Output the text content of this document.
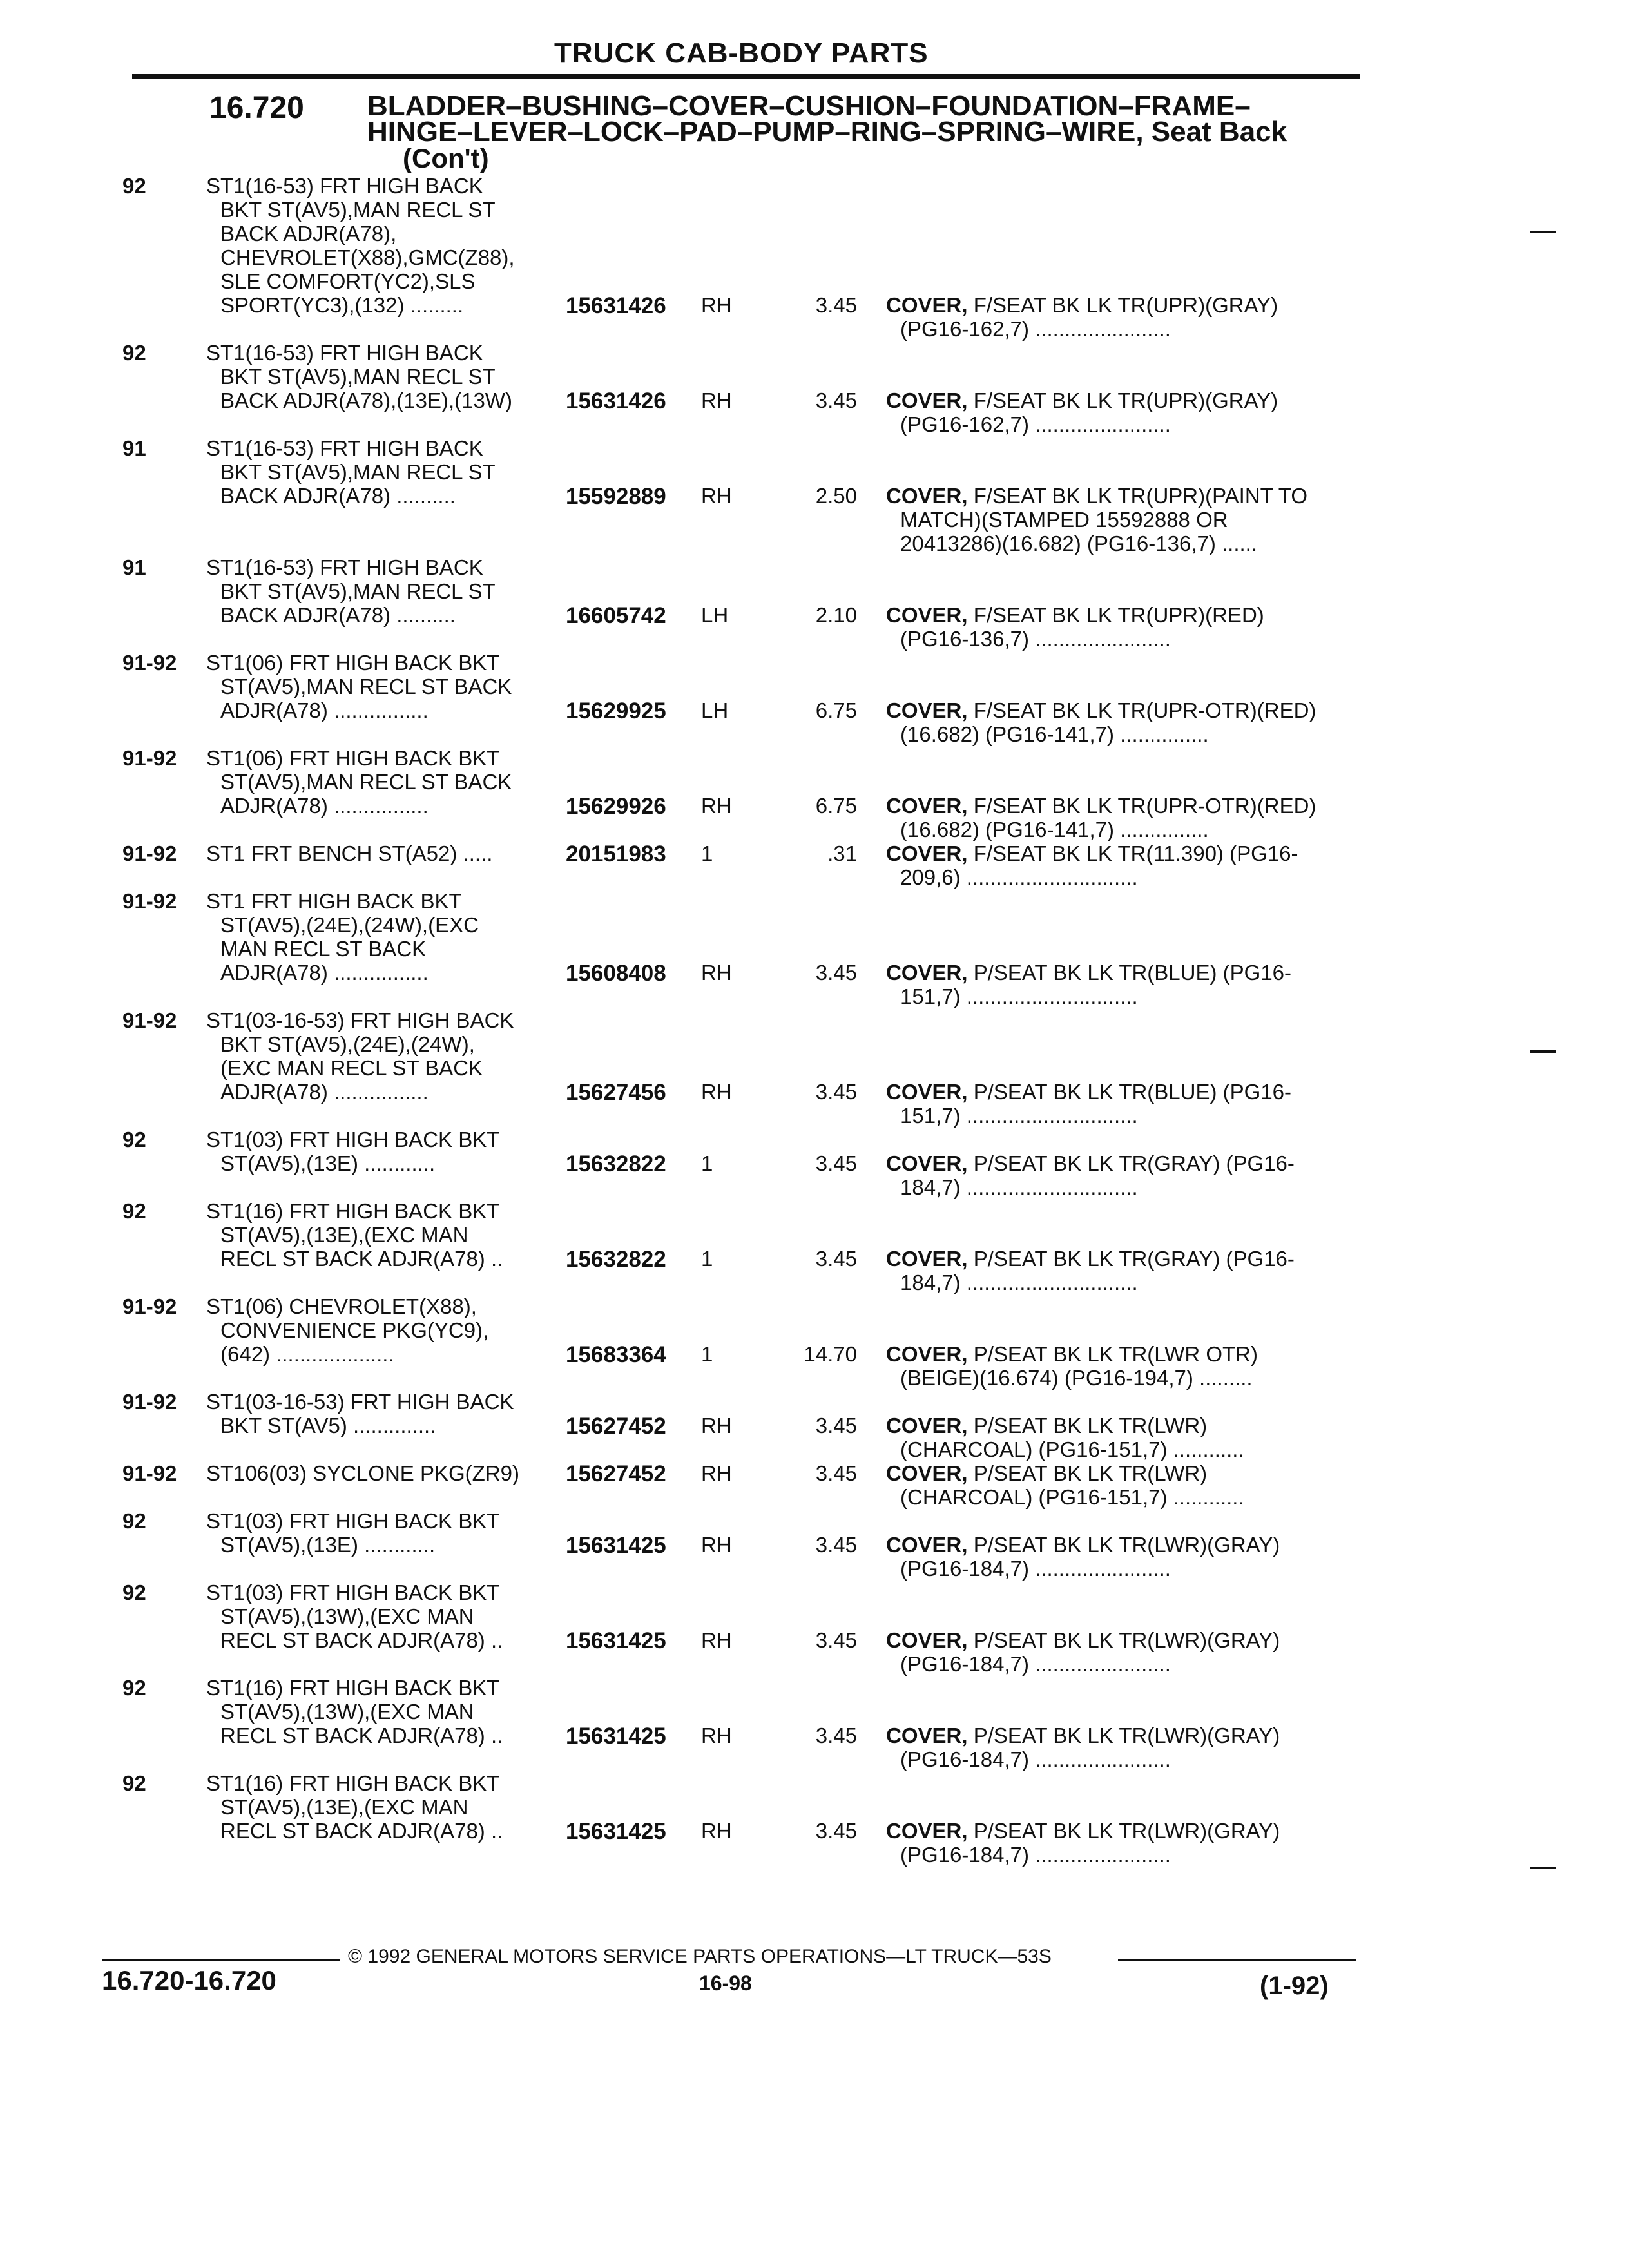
TRUCK CAB-BODY PARTS
16.720 BLADDER–BUSHING–COVER–CUSHION–FOUNDATION–FRAME–
HINGE–LEVER–LOCK–PAD–PUMP–RING–SPRING–WIRE, Seat Back
(Con't)
92	ST1(16-53) FRT HIGH BACK
BKT ST(AV5),MAN RECL ST
BACK ADJR(A78),
CHEVROLET(X88),GMC(Z88),
SLE COMFORT(YC2),SLS
SPORT(YC3),(132) .........	15631426 RH	3.45 COVER, F/SEAT BK LK TR(UPR)(GRAY)
(PG16-162,7) .......................
92	ST1(16-53) FRT HIGH BACK
BKT ST(AV5),MAN RECL ST
BACK ADJR(A78),(13E),(13W) 15631426 RH	3.45 COVER, F/SEAT BK LK TR(UPR)(GRAY)
(PG16-162,7) .......................
91	ST1(16-53) FRT HIGH BACK
BKT ST(AV5),MAN RECL ST
BACK ADJR(A78) ..........	15592889 RH	2.50 COVER, F/SEAT BK LK TR(UPR)(PAINT TO
MATCH)(STAMPED 15592888 OR
20413286)(16.682) (PG16-136,7) ......
91	ST1(16-53) FRT HIGH BACK
BKT ST(AV5),MAN RECL ST
BACK ADJR(A78) ..........	16605742 LH	2.10 COVER, F/SEAT BK LK TR(UPR)(RED)
(PG16-136,7) .......................
91-92 ST1(06) FRT HIGH BACK BKT
ST(AV5),MAN RECL ST BACK
ADJR(A78) ................	15629925 LH	6.75 COVER, F/SEAT BK LK TR(UPR-OTR)(RED)
(16.682) (PG16-141,7) ...............
91-92 ST1(06) FRT HIGH BACK BKT
ST(AV5),MAN RECL ST BACK
ADJR(A78) ................	15629926 RH	6.75 COVER, F/SEAT BK LK TR(UPR-OTR)(RED)
(16.682) (PG16-141,7) ...............
91-92 ST1 FRT BENCH ST(A52) .....	20151983 1	.31 COVER, F/SEAT BK LK TR(11.390) (PG16-
209,6) .............................
91-92 ST1 FRT HIGH BACK BKT
ST(AV5),(24E),(24W),(EXC
MAN RECL ST BACK
ADJR(A78) ................	15608408 RH	3.45 COVER, P/SEAT BK LK TR(BLUE) (PG16-
151,7) .............................
91-92 ST1(03-16-53) FRT HIGH BACK
BKT ST(AV5),(24E),(24W),
(EXC MAN RECL ST BACK
ADJR(A78) ................	15627456 RH	3.45 COVER, P/SEAT BK LK TR(BLUE) (PG16-
151,7) .............................
92	ST1(03) FRT HIGH BACK BKT
ST(AV5),(13E) ............	15632822 1	3.45 COVER, P/SEAT BK LK TR(GRAY) (PG16-
184,7) .............................
92	ST1(16) FRT HIGH BACK BKT
ST(AV5),(13E),(EXC MAN
RECL ST BACK ADJR(A78) ..	15632822 1	3.45 COVER, P/SEAT BK LK TR(GRAY) (PG16-
184,7) .............................
91-92 ST1(06) CHEVROLET(X88),
CONVENIENCE PKG(YC9),
(642) ....................	15683364 1	14.70 COVER, P/SEAT BK LK TR(LWR OTR)
(BEIGE)(16.674) (PG16-194,7) .........
91-92 ST1(03-16-53) FRT HIGH BACK
BKT ST(AV5) ..............	15627452 RH	3.45 COVER, P/SEAT BK LK TR(LWR)
(CHARCOAL) (PG16-151,7) ............
91-92 ST106(03) SYCLONE PKG(ZR9) 15627452 RH	3.45 COVER, P/SEAT BK LK TR(LWR)
(CHARCOAL) (PG16-151,7) ............
92	ST1(03) FRT HIGH BACK BKT
ST(AV5),(13E) ............	15631425 RH	3.45 COVER, P/SEAT BK LK TR(LWR)(GRAY)
(PG16-184,7) .......................
92	ST1(03) FRT HIGH BACK BKT
ST(AV5),(13W),(EXC MAN
RECL ST BACK ADJR(A78) ..	15631425 RH	3.45 COVER, P/SEAT BK LK TR(LWR)(GRAY)
(PG16-184,7) .......................
92	ST1(16) FRT HIGH BACK BKT
ST(AV5),(13W),(EXC MAN
RECL ST BACK ADJR(A78) ..	15631425 RH	3.45 COVER, P/SEAT BK LK TR(LWR)(GRAY)
(PG16-184,7) .......................
92	ST1(16) FRT HIGH BACK BKT
ST(AV5),(13E),(EXC MAN
RECL ST BACK ADJR(A78) ..	15631425 RH	3.45 COVER, P/SEAT BK LK TR(LWR)(GRAY)
(PG16-184,7) .......................
© 1992 GENERAL MOTORS SERVICE PARTS OPERATIONS—LT TRUCK—53S
16.720-16.720	16-98	(1-92)
